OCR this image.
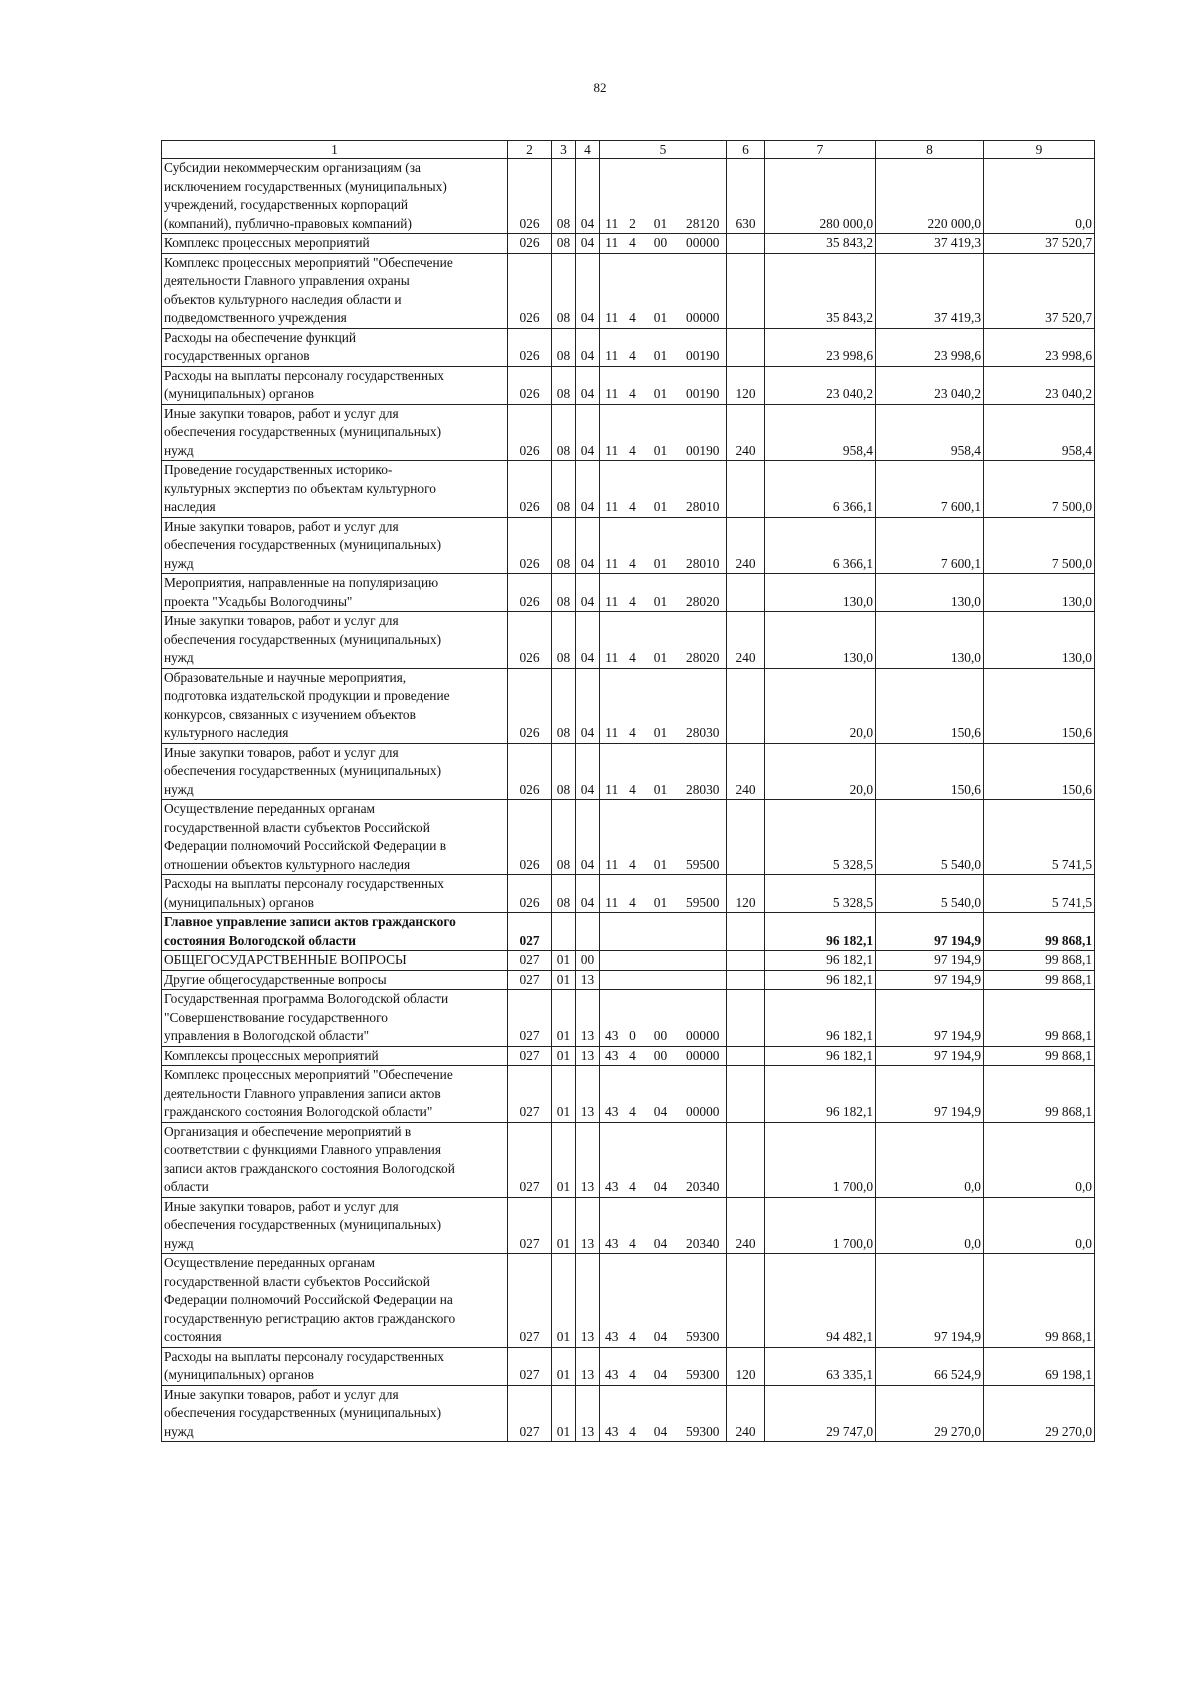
82
1	2	3	4	5				6	7	8	9
Субсидии некоммерческим организациям (за
исключением государственных (муниципальных)
учреждений, государственных корпораций
(компаний), публично-правовых компаний)	026	08	04	11	2	01	28120	630	280 000,0	220 000,0	0,0
Комплекс процессных мероприятий	026	08	04	11	4	00	00000		35 843,2	37 419,3	37 520,7
Комплекс процессных мероприятий "Обеспечение
деятельности Главного управления охраны
объектов культурного наследия области и
подведомственного учреждения	026	08	04	11	4	01	00000		35 843,2	37 419,3	37 520,7
Расходы на обеспечение функций
государственных органов	026	08	04	11	4	01	00190		23 998,6	23 998,6	23 998,6
Расходы на выплаты персоналу государственных
(муниципальных) органов	026	08	04	11	4	01	00190	120	23 040,2	23 040,2	23 040,2
Иные закупки товаров, работ и услуг для
обеспечения государственных (муниципальных)
нужд	026	08	04	11	4	01	00190	240	958,4	958,4	958,4
Проведение государственных историко-
культурных экспертиз по объектам культурного
наследия	026	08	04	11	4	01	28010		6 366,1	7 600,1	7 500,0
Иные закупки товаров, работ и услуг для
обеспечения государственных (муниципальных)
нужд	026	08	04	11	4	01	28010	240	6 366,1	7 600,1	7 500,0
Мероприятия, направленные на популяризацию
проекта "Усадьбы Вологодчины"	026	08	04	11	4	01	28020		130,0	130,0	130,0
Иные закупки товаров, работ и услуг для
обеспечения государственных (муниципальных)
нужд	026	08	04	11	4	01	28020	240	130,0	130,0	130,0
Образовательные и научные мероприятия,
подготовка издательской продукции и проведение
конкурсов, связанных с изучением объектов
культурного наследия	026	08	04	11	4	01	28030		20,0	150,6	150,6
Иные закупки товаров, работ и услуг для
обеспечения государственных (муниципальных)
нужд	026	08	04	11	4	01	28030	240	20,0	150,6	150,6
Осуществление переданных органам
государственной власти субъектов Российской
Федерации полномочий Российской Федерации в
отношении объектов культурного наследия	026	08	04	11	4	01	59500		5 328,5	5 540,0	5 741,5
Расходы на выплаты персоналу государственных
(муниципальных) органов	026	08	04	11	4	01	59500	120	5 328,5	5 540,0	5 741,5
Главное управление записи актов гражданского
состояния Вологодской области	027								96 182,1	97 194,9	99 868,1
ОБЩЕГОСУДАРСТВЕННЫЕ ВОПРОСЫ	027	01	00						96 182,1	97 194,9	99 868,1
Другие общегосударственные вопросы	027	01	13						96 182,1	97 194,9	99 868,1
Государственная программа Вологодской области
"Совершенствование государственного
управления в Вологодской области"	027	01	13	43	0	00	00000		96 182,1	97 194,9	99 868,1
Комплексы процессных мероприятий	027	01	13	43	4	00	00000		96 182,1	97 194,9	99 868,1
Комплекс процессных мероприятий "Обеспечение
деятельности Главного управления записи актов
гражданского состояния Вологодской области"	027	01	13	43	4	04	00000		96 182,1	97 194,9	99 868,1
Организация и обеспечение мероприятий в
соответствии с функциями Главного управления
записи актов гражданского состояния Вологодской
области	027	01	13	43	4	04	20340		1 700,0	0,0	0,0
Иные закупки товаров, работ и услуг для
обеспечения государственных (муниципальных)
нужд	027	01	13	43	4	04	20340	240	1 700,0	0,0	0,0
Осуществление переданных органам
государственной власти субъектов Российской
Федерации полномочий Российской Федерации на
государственную регистрацию актов гражданского
состояния	027	01	13	43	4	04	59300		94 482,1	97 194,9	99 868,1
Расходы на выплаты персоналу государственных
(муниципальных) органов	027	01	13	43	4	04	59300	120	63 335,1	66 524,9	69 198,1
Иные закупки товаров, работ и услуг для
обеспечения государственных (муниципальных)
нужд	027	01	13	43	4	04	59300	240	29 747,0	29 270,0	29 270,0
